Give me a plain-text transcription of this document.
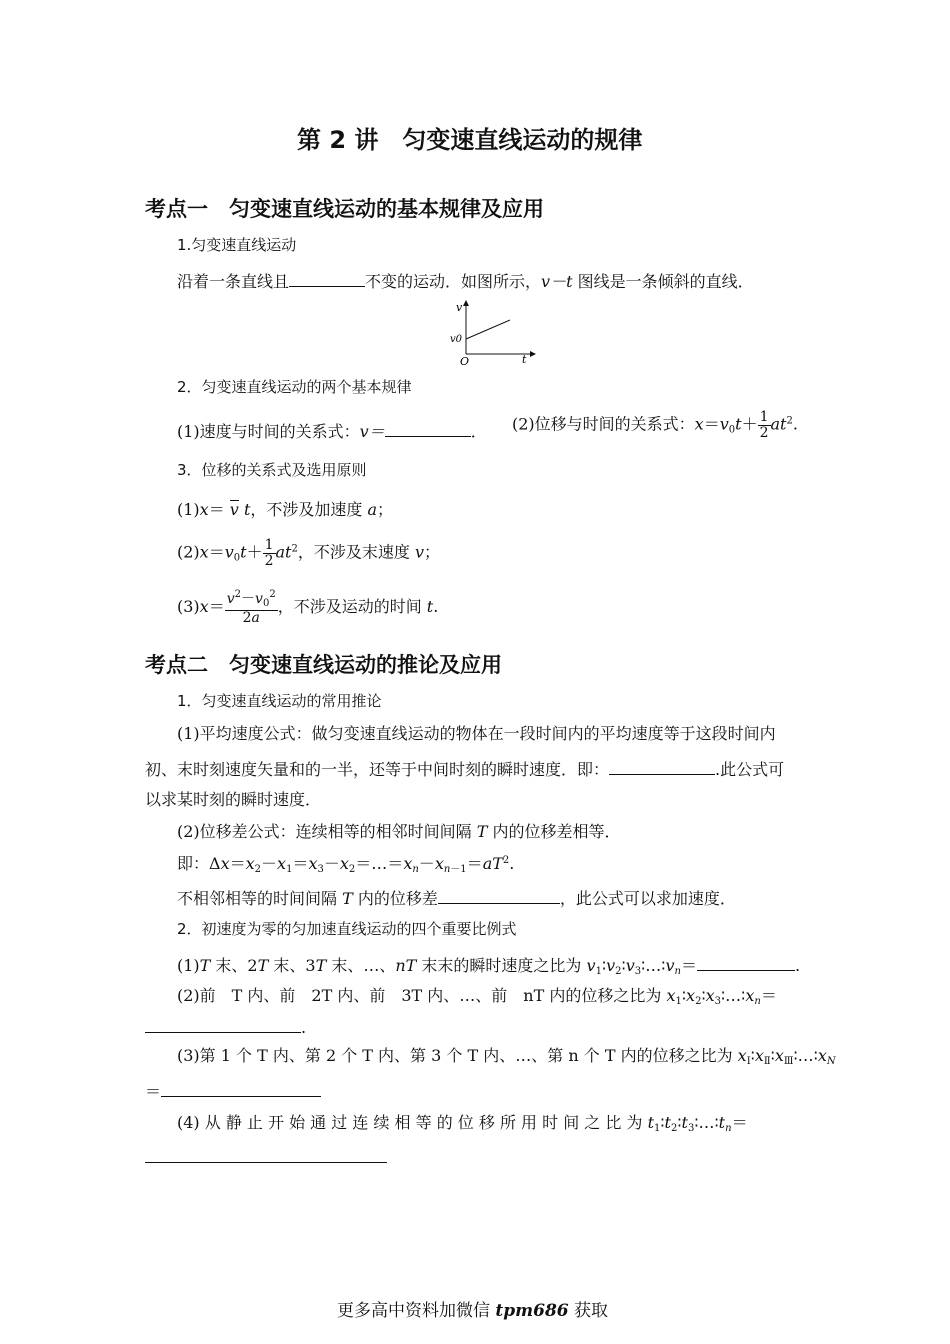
第 2 讲　匀变速直线运动的规律
考点一　匀变速直线运动的基本规律及应用
1.匀变速直线运动
沿着一条直线且	不变的运动．如图所示，v－t 图线是一条倾斜的直线．
v
v0
O	t
2．匀变速直线运动的两个基本规律
(1)速度与时间的关系式：v＝	． (2)位移与时间的关系式：$x=v_0t+ \frac{1}{2} at^2$.
3．位移的关系式及选用原则
(1)x＝ v t，不涉及加速度 a；
$(2)x=v_0t+ \frac{1}{2} at^2$，不涉及末速度 v；
$(3)x= \frac{v^2-v_0^2}{2a}$ ，不涉及运动的时间 t.
考点二　匀变速直线运动的推论及应用
1．匀变速直线运动的常用推论
(1)平均速度公式：做匀变速直线运动的物体在一段时间内的平均速度等于这段时间内
初、末时刻速度矢量和的一半，还等于中间时刻的瞬时速度．即：	.此公式可
以求某时刻的瞬时速度．
(2)位移差公式：连续相等的相邻时间间隔 T 内的位移差相等．
即：$\Delta x=x_2-x_1=x_3-x_2=\dots=x_n-x_{n-1}=aT^2$.
不相邻相等的时间间隔 T 内的位移差	，此公式可以求加速度．
2．初速度为零的匀加速直线运动的四个重要比例式
(1)T 末、2T 末、3T 末、…、nT 末末的瞬时速度之比为 $v_1∶v_2∶v_3∶\dots∶v_n=$	.
(2)前　T 内、前　2T 内、前　3T 内、…、前　nT 内的位移之比为 $x_1∶x_2∶x_3∶\dots∶x_n=$
.
(3)第 1 个 T 内、第 2 个 T 内、第 3 个 T 内、…、第 n 个 T 内的位移之比为 $x_Ⅰ∶x_Ⅱ∶x_Ⅲ∶\dots∶x_N$
＝
(4) 从 静 止 开 始 通 过 连 续 相 等 的 位 移 所 用 时 间 之 比 为 $t_1∶t_2∶t_3∶\dots∶t_n=$
更多高中资料加微信 tpm686 获取
